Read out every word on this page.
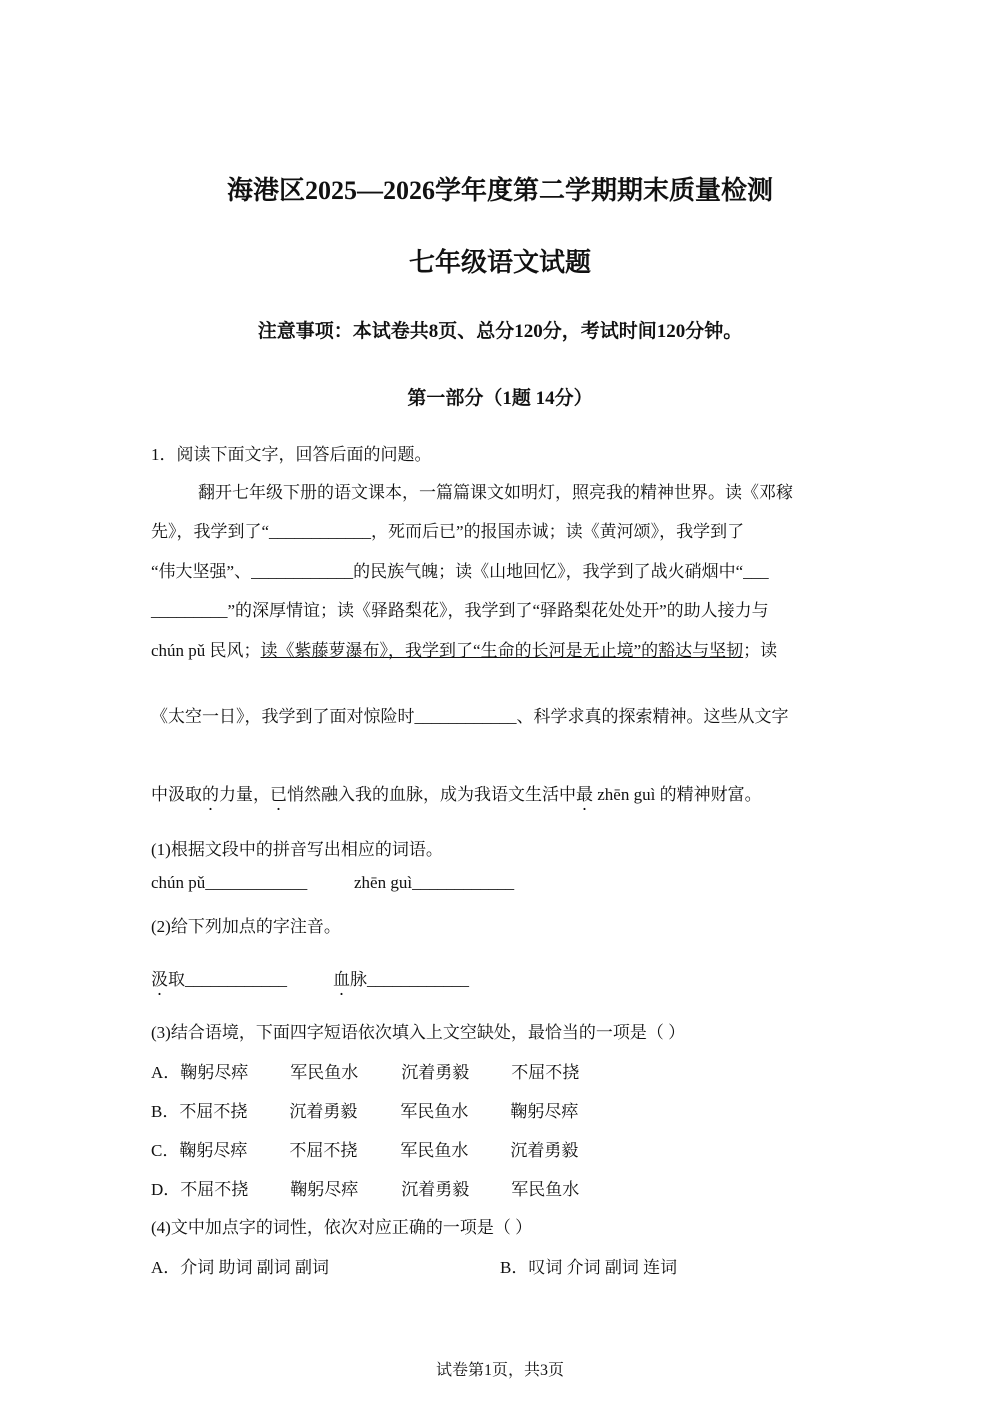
海港区2025—2026学年度第二学期期末质量检测
七年级语文试题
注意事项：本试卷共8页、总分120分，考试时间120分钟。
第一部分（1题 14分）
1．阅读下面文字，回答后面的问题。
翻开七年级下册的语文课本，一篇篇课文如明灯，照亮我的精神世界。读《邓稼
先》，我学到了“____________，死而后已”的报国赤诚；读《黄河颂》，我学到了
“伟大坚强”、____________的民族气魄；读《山地回忆》，我学到了战火硝烟中“___
_________”的深厚情谊；读《驿路梨花》，我学到了“驿路梨花处处开”的助人接力与
chún pǔ 民风；读《紫藤萝瀑布》，我学到了“生命的长河是无止境”的豁达与坚韧；读
《太空一日》，我学到了面对惊险时____________、科学求真的探索精神。这些从文字
中汲取的力量，已悄然融入我的血脉，成为我语文生活中最 zhēn guì 的精神财富。
(1)根据文段中的拼音写出相应的词语。
chún pǔ____________	zhēn guì____________
(2)给下列加点的字注音。
汲取____________	血脉____________
(3)结合语境，下面四字短语依次填入上文空缺处，最恰当的一项是（ ）
A．鞠躬尽瘁 军民鱼水	沉着勇毅 不屈不挠
B．不屈不挠 沉着勇毅	军民鱼水 鞠躬尽瘁
C．鞠躬尽瘁 不屈不挠	军民鱼水 沉着勇毅
D．不屈不挠 鞠躬尽瘁	沉着勇毅 军民鱼水
(4)文中加点字的词性，依次对应正确的一项是（ ）
A．介词 助词 副词 副词	B．叹词 介词 副词 连词
试卷第1页，共3页
